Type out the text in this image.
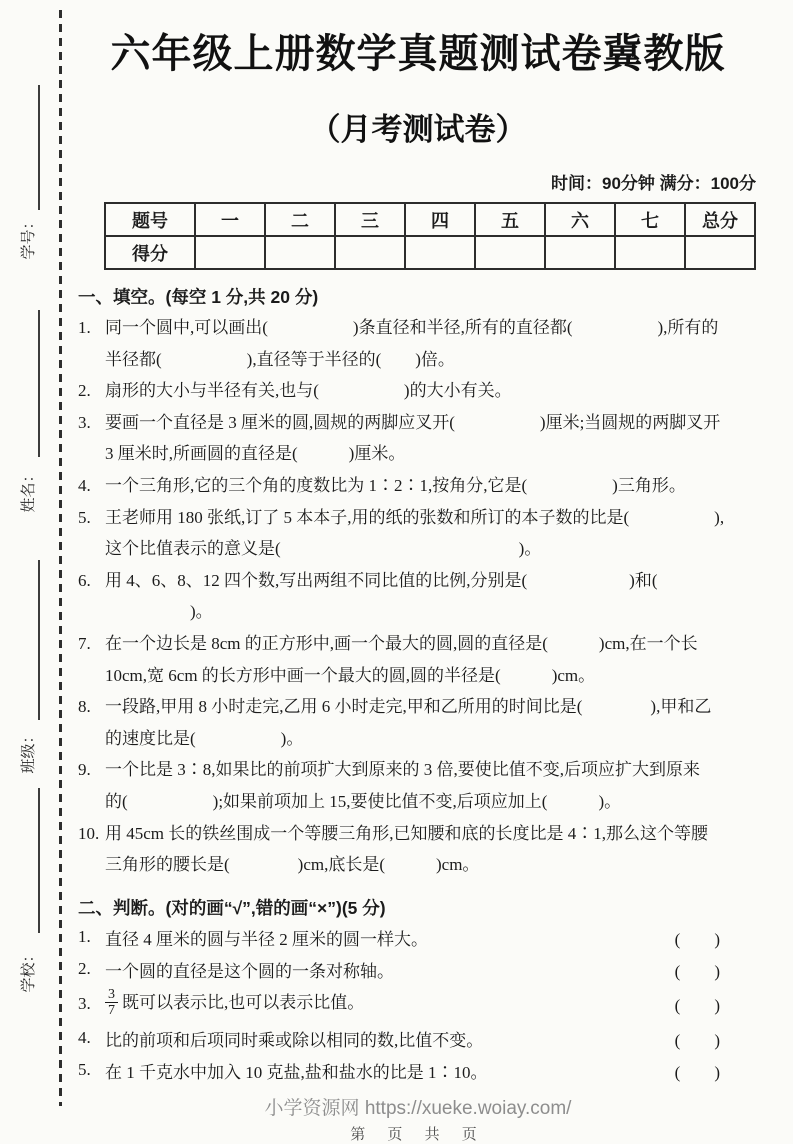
学号：
姓名：
班级：
学校：
六年级上册数学真题测试卷冀教版
（月考测试卷）
时间：90分钟 满分：100分
题号	一	二	三	四	五	六	七	总分
得分								
一、填空。(每空 1 分,共 20 分)
1. 同一个圆中,可以画出(　　　　　)条直径和半径,所有的直径都(　　　　　),所有的
半径都(　　　　　),直径等于半径的(　　)倍。
2. 扇形的大小与半径有关,也与(　　　　　)的大小有关。
3. 要画一个直径是 3 厘米的圆,圆规的两脚应叉开(　　　　　)厘米;当圆规的两脚叉开
3 厘米时,所画圆的直径是(　　　)厘米。
4. 一个三角形,它的三个角的度数比为 1∶2∶1,按角分,它是(　　　　　)三角形。
5. 王老师用 180 张纸,订了 5 本本子,用的纸的张数和所订的本子数的比是(　　　　　),
这个比值表示的意义是(　　　　　　　　　　　　　　)。
6. 用 4、6、8、12 四个数,写出两组不同比值的比例,分别是(　　　　　　)和(
　　　　　)。
7. 在一个边长是 8cm 的正方形中,画一个最大的圆,圆的直径是(　　　)cm,在一个长
10cm,宽 6cm 的长方形中画一个最大的圆,圆的半径是(　　　)cm。
8. 一段路,甲用 8 小时走完,乙用 6 小时走完,甲和乙所用的时间比是(　　　　),甲和乙
的速度比是(　　　　　)。
9. 一个比是 3∶8,如果比的前项扩大到原来的 3 倍,要使比值不变,后项应扩大到原来
的(　　　　　);如果前项加上 15,要使比值不变,后项应加上(　　　)。
10. 用 45cm 长的铁丝围成一个等腰三角形,已知腰和底的长度比是 4∶1,那么这个等腰
三角形的腰长是(　　　　)cm,底长是(　　　)cm。
二、判断。(对的画“√”,错的画“×”)(5 分)
1. 直径 4 厘米的圆与半径 2 厘米的圆一样大。	(　　)
2. 一个圆的直径是这个圆的一条对称轴。	(　　)
3.	$\frac{3}{7}$ 既可以表示比,也可以表示比值。	(　　)
4. 比的前项和后项同时乘或除以相同的数,比值不变。	(　　)
5. 在 1 千克水中加入 10 克盐,盐和盐水的比是 1∶10。	(　　)
小学资源网 https://xueke.woiay.com/
第 页 共 页
